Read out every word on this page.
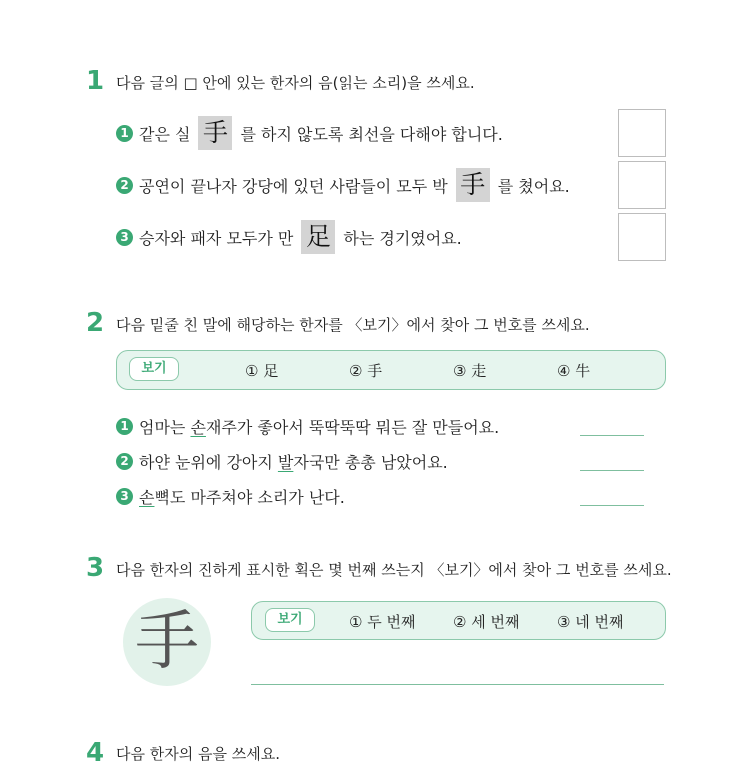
1 다음 글의 □ 안에 있는 한자의 음(읽는 소리)을 쓰세요.
1 같은 실 手 를 하지 않도록 최선을 다해야 합니다.
2 공연이 끝나자 강당에 있던 사람들이 모두 박 手 를 쳤어요.
3 승자와 패자 모두가 만 足 하는 경기였어요.
2 다음 밑줄 친 말에 해당하는 한자를 〈보기〉에서 찾아 그 번호를 쓰세요.
보기	① 足	② 手	③ 走	④ 牛
1 엄마는 손 재주가 좋아서 뚝딱뚝딱 뭐든 잘 만들어요.
2 하얀 눈위에 강아지 발 자국만 총총 남았어요.
3 손 뼉도 마주쳐야 소리가 난다.
3 다음 한자의 진하게 표시한 획은 몇 번째 쓰는지 〈보기〉에서 찾아 그 번호를 쓰세요.
手	보기	① 두 번째	② 세 번째	③ 네 번째
4 다음 한자의 음을 쓰세요.
